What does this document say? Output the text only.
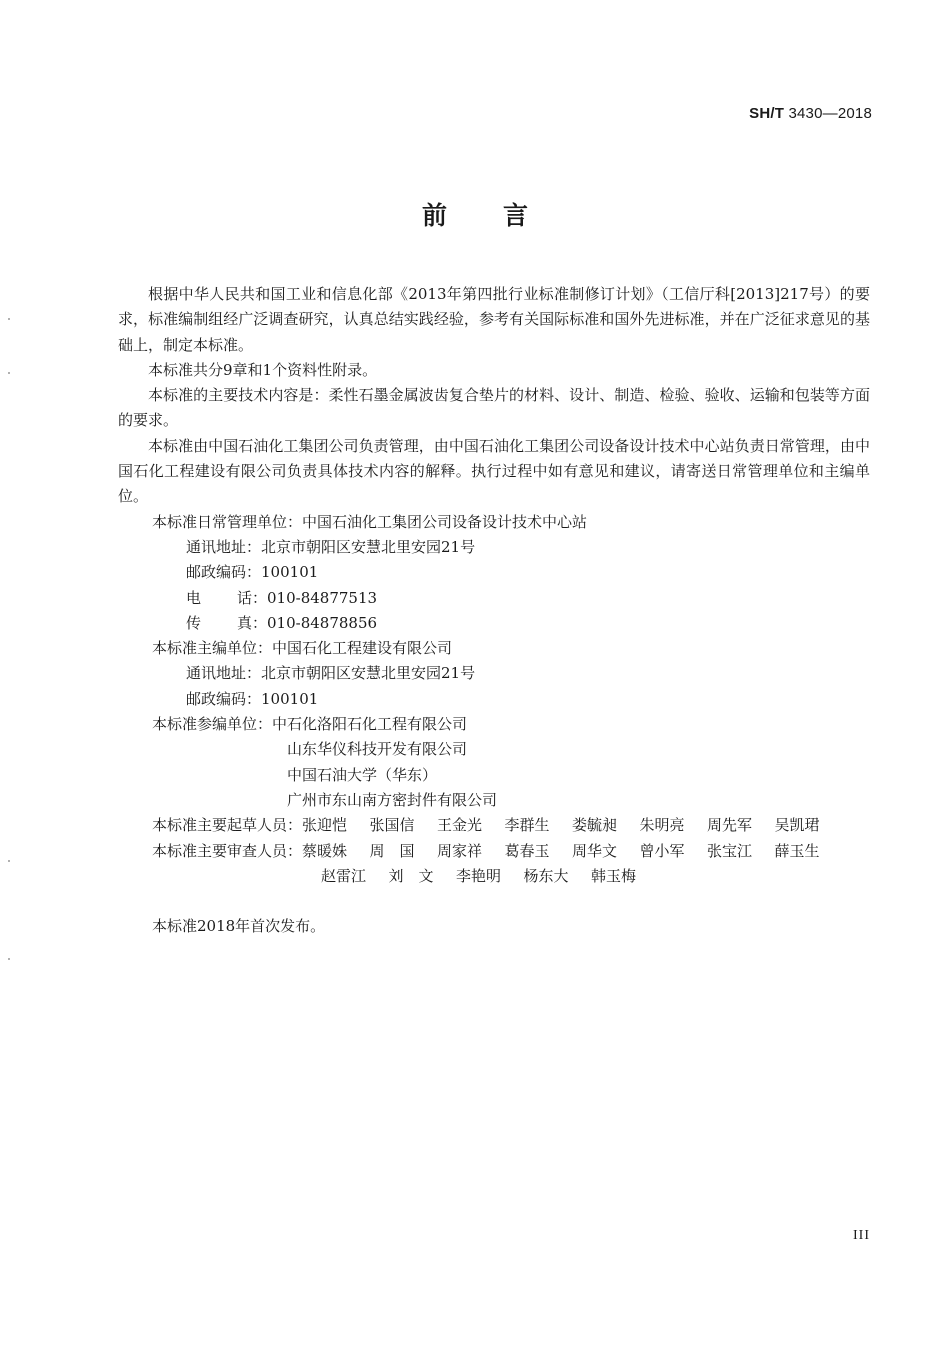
SH/T 3430—2018
前 言

根据中华人民共和国工业和信息化部《2013年第四批行业标准制修订计划》（工信厅科[2013]217号）的要求，标准编制组经广泛调查研究，认真总结实践经验，参考有关国际标准和国外先进标准，并在广泛征求意见的基础上，制定本标准。

本标准共分9章和1个资料性附录。

本标准的主要技术内容是：柔性石墨金属波齿复合垫片的材料、设计、制造、检验、验收、运输和包装等方面的要求。

本标准由中国石油化工集团公司负责管理，由中国石油化工集团公司设备设计技术中心站负责日常管理，由中国石化工程建设有限公司负责具体技术内容的解释。执行过程中如有意见和建议，请寄送日常管理单位和主编单位。

本标准日常管理单位：中国石油化工集团公司设备设计技术中心站

通讯地址：北京市朝阳区安慧北里安园21号

邮政编码：100101

电 话：010-84877513

传 真：010-84878856

本标准主编单位：中国石化工程建设有限公司

通讯地址：北京市朝阳区安慧北里安园21号

邮政编码：100101

本标准参编单位：中石化洛阳石化工程有限公司

山东华仪科技开发有限公司

中国石油大学（华东）

广州市东山南方密封件有限公司

本标准主要起草人员：张迎恺 张国信 王金光 李群生 娄毓昶 朱明亮 周先军 吴凯珺

本标准主要审查人员：蔡暖姝 周　国 周家祥 葛春玉 周华文 曾小军 张宝江 薛玉生

赵雷江 刘　文 李艳明 杨东大 韩玉梅

本标准2018年首次发布。

III
